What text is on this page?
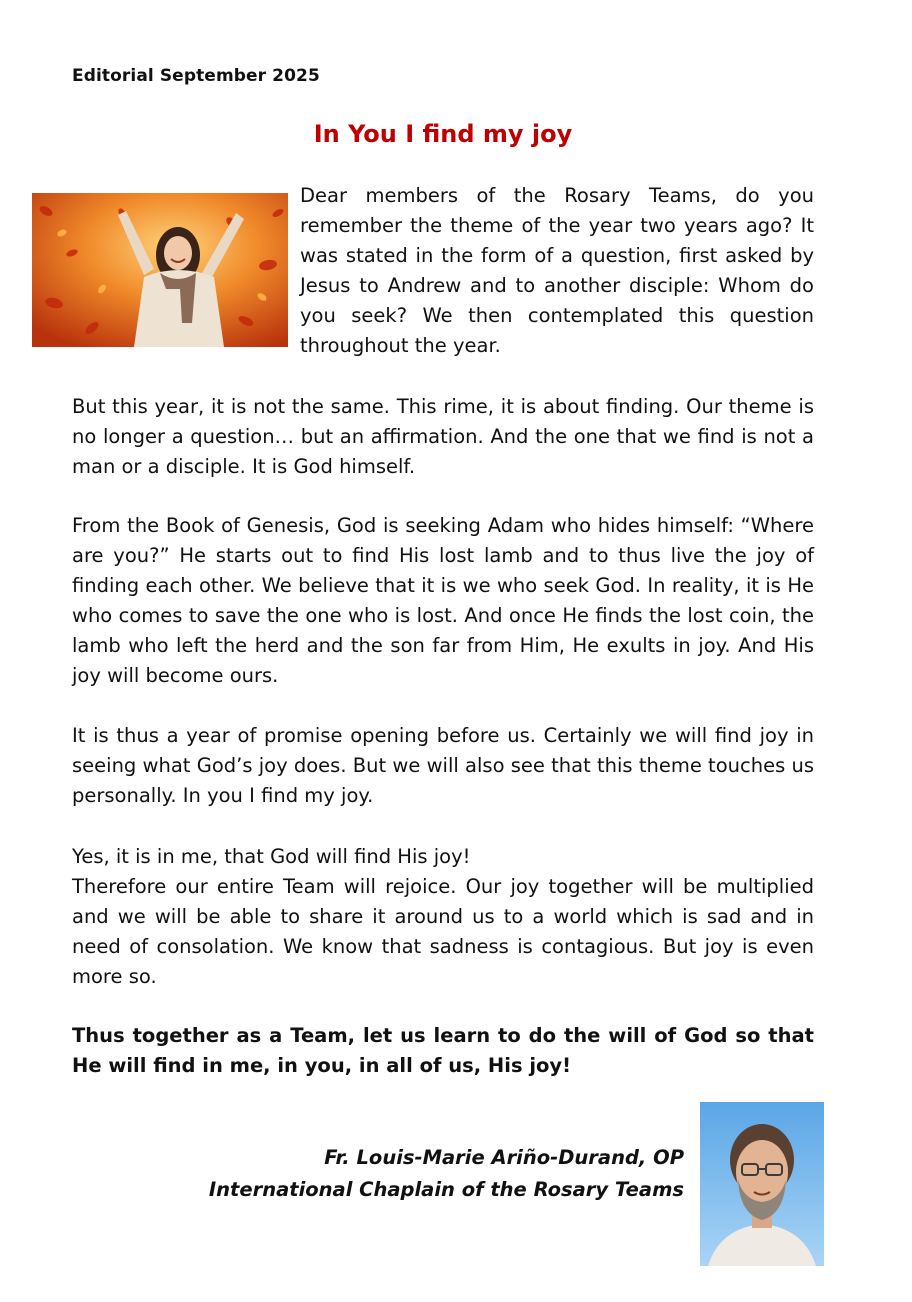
Editorial September 2025
In You I find my joy

Dear members of the Rosary Teams, do you remember the theme of the year two years ago? It was stated in the form of a question, first asked by Jesus to Andrew and to another disciple: Whom do you seek? We then contemplated this question throughout the year.

But this year, it is not the same. This rime, it is about finding. Our theme is no longer a question… but an affirmation. And the one that we find is not a man or a disciple. It is God himself.

From the Book of Genesis, God is seeking Adam who hides himself: “Where are you?” He starts out to find His lost lamb and to thus live the joy of finding each other. We believe that it is we who seek God. In reality, it is He who comes to save the one who is lost. And once He finds the lost coin, the lamb who left the herd and the son far from Him, He exults in joy. And His joy will become ours.

It is thus a year of promise opening before us. Certainly we will find joy in seeing what God’s joy does. But we will also see that this theme touches us personally. In you I find my joy.

Yes, it is in me, that God will find His joy!

Therefore our entire Team will rejoice. Our joy together will be multiplied and we will be able to share it around us to a world which is sad and in need of consolation. We know that sadness is contagious. But joy is even more so.

Thus together as a Team, let us learn to do the will of God so that He will find in me, in you, in all of us, His joy!

Fr. Louis-Marie Ariño-Durand, OP
International Chaplain of the Rosary Teams
